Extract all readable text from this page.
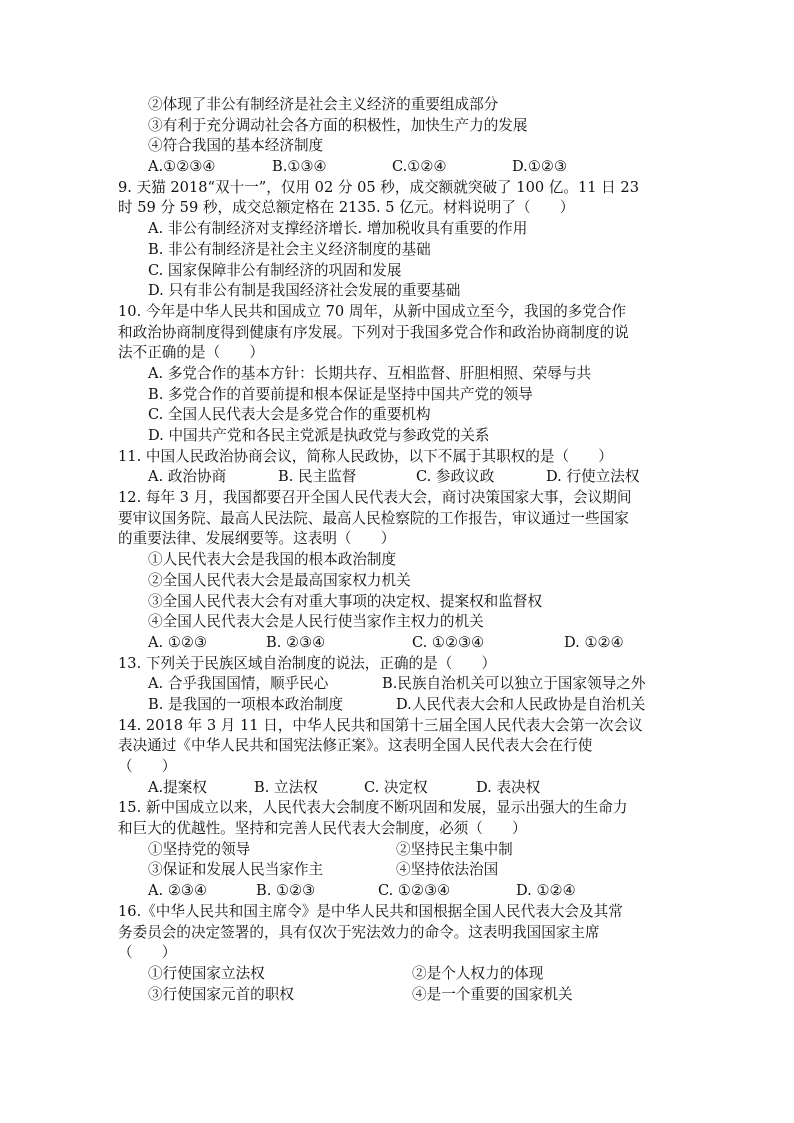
②体现了非公有制经济是社会主义经济的重要组成部分
③有利于充分调动社会各方面的积极性，加快生产力的发展
④符合我国的基本经济制度
A.①②③④	B.①③④	C.①②④	D.①②③
9. 天猫 2018“双十一”，仅用 02 分 05 秒，成交额就突破了 100 亿。11 日 23
时 59 分 59 秒，成交总额定格在 2135. 5 亿元。材料说明了（　　）
A. 非公有制经济对支撑经济增长. 增加税收具有重要的作用
B. 非公有制经济是社会主义经济制度的基础
C. 国家保障非公有制经济的巩固和发展
D. 只有非公有制是我国经济社会发展的重要基础
10. 今年是中华人民共和国成立 70 周年，从新中国成立至今，我国的多党合作
和政治协商制度得到健康有序发展。下列对于我国多党合作和政治协商制度的说
法不正确的是（　　）
A. 多党合作的基本方针：长期共存、互相监督、肝胆相照、荣辱与共
B. 多党合作的首要前提和根本保证是坚持中国共产党的领导
C. 全国人民代表大会是多党合作的重要机构
D. 中国共产党和各民主党派是执政党与参政党的关系
11. 中国人民政治协商会议，简称人民政协，以下不属于其职权的是（　　）
A. 政治协商	B. 民主监督	C. 参政议政	D. 行使立法权
12. 每年 3 月，我国都要召开全国人民代表大会，商讨决策国家大事，会议期间
要审议国务院、最高人民法院、最高人民检察院的工作报告，审议通过一些国家
的重要法律、发展纲要等。这表明（　　）
①人民代表大会是我国的根本政治制度
②全国人民代表大会是最高国家权力机关
③全国人民代表大会有对重大事项的决定权、提案权和监督权
④全国人民代表大会是人民行使当家作主权力的机关
A. ①②③	B. ②③④	C. ①②③④	D. ①②④
13. 下列关于民族区域自治制度的说法，正确的是（　　）
A. 合乎我国国情，顺乎民心	B.民族自治机关可以独立于国家领导之外
B. 是我国的一项根本政治制度	D.人民代表大会和人民政协是自治机关
14. 2018 年 3 月 11 日，中华人民共和国第十三届全国人民代表大会第一次会议
表决通过《中华人民共和国宪法修正案》。这表明全国人民代表大会在行使
（　　）
A.提案权	B. 立法权	C. 决定权	D. 表决权
15. 新中国成立以来，人民代表大会制度不断巩固和发展，显示出强大的生命力
和巨大的优越性。坚持和完善人民代表大会制度，必须（　　）
①坚持党的领导	②坚持民主集中制
③保证和发展人民当家作主	④坚持依法治国
A. ②③④	B. ①②③	C. ①②③④	D. ①②④
16.《中华人民共和国主席令》是中华人民共和国根据全国人民代表大会及其常
务委员会的决定签署的，具有仅次于宪法效力的命令。这表明我国国家主席
（　　）
①行使国家立法权	②是个人权力的体现
③行使国家元首的职权	④是一个重要的国家机关
